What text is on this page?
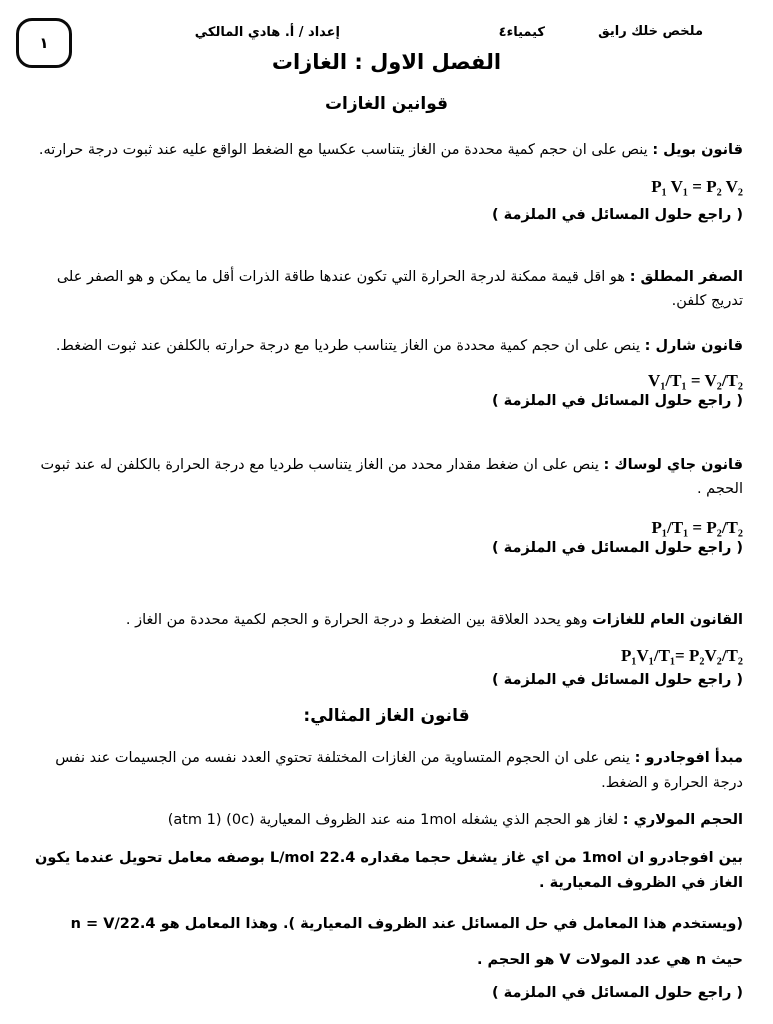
ملخص خلك رايق
كيمياء٤
إعداد / أ. هادي المالكي
١
الفصل الاول : الغازات
قوانين الغازات

قانون بويل : ينص على ان حجم كمية محددة من الغاز يتناسب عكسيا مع الضغط الواقع عليه عند ثبوت درجة حرارته.

P₁ V₁ = P₂ V₂
( راجع حلول المسائل في الملزمة )

الصفر المطلق : هو اقل قيمة ممكنة لدرجة الحرارة التي تكون عندها طاقة الذرات أقل ما يمكن و هو الصفر على تدريج كلفن.

قانون شارل : ينص على ان حجم كمية محددة من الغاز يتناسب طرديا مع درجة حرارته بالكلفن عند ثبوت الضغط.

V₁/T₁ = V₂/T₂
( راجع حلول المسائل في الملزمة )

قانون جاي لوساك : ينص على ان ضغط مقدار محدد من الغاز يتناسب طرديا مع درجة الحرارة بالكلفن له عند ثبوت الحجم .

P₁/T₁ = P₂/T₂
( راجع حلول المسائل في الملزمة )

القانون العام للغازات وهو يحدد العلاقة بين الضغط و درجة الحرارة و الحجم لكمية محددة من الغاز .

P₁V₁/T₁= P₂V₂/T₂
( راجع حلول المسائل في الملزمة )
قانون الغاز المثالي:

مبدأ افوجادرو : ينص على ان الحجوم المتساوية من الغازات المختلفة تحتوي العدد نفسه من الجسيمات عند نفس درجة الحرارة و الضغط.

الحجم المولاري : لغاز هو الحجم الذي يشغله 1mol منه عند الظروف المعيارية (0c)‏ (1 atm)

بين افوجادرو ان 1mol من اي غاز يشغل حجما مقداره 22.4 L/mol بوصفه معامل تحويل عندما يكون الغاز في الظروف المعيارية .

(ويستخدم هذا المعامل في حل المسائل عند الظروف المعيارية ). وهذا المعامل هو n = V/22.4

حيث n هي عدد المولات V هو الحجم .

( راجع حلول المسائل في الملزمة )
